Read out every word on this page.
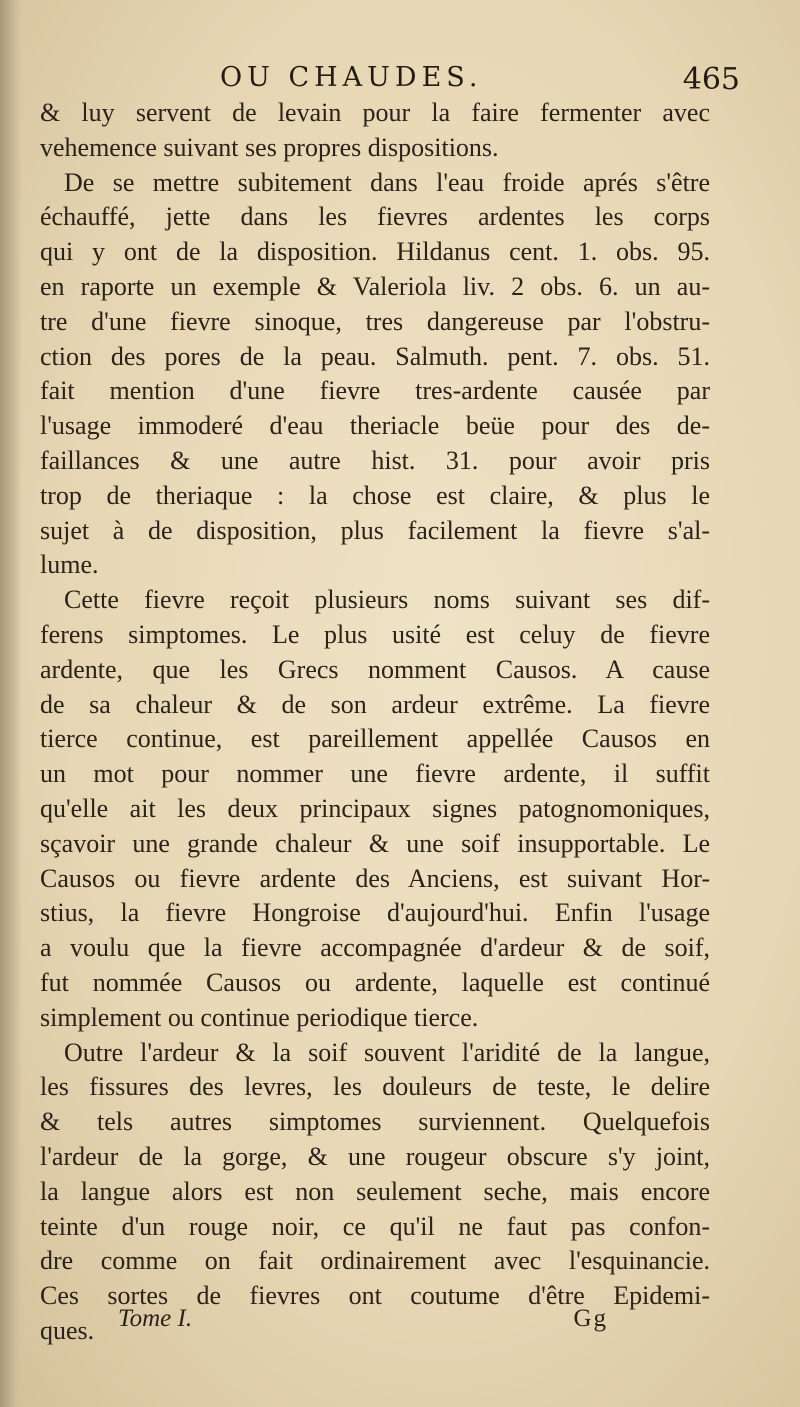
OU CHAUDES.	465
& luy servent de levain pour la faire fermenter avec
vehemence suivant ses propres dispositions.
De se mettre subitement dans l'eau froide aprés s'être
échauffé, jette dans les fievres ardentes les corps
qui y ont de la disposition. Hildanus cent. 1. obs. 95.
en raporte un exemple & Valeriola liv. 2 obs. 6. un au-
tre d'une fievre sinoque, tres dangereuse par l'obstru-
ction des pores de la peau. Salmuth. pent. 7. obs. 51.
fait mention d'une fievre tres-ardente causée par
l'usage immoderé d'eau theriacle beüe pour des de-
faillances & une autre hist. 31. pour avoir pris
trop de theriaque : la chose est claire, & plus le
sujet à de disposition, plus facilement la fievre s'al-
lume.
Cette fievre reçoit plusieurs noms suivant ses dif-
ferens simptomes. Le plus usité est celuy de fievre
ardente, que les Grecs nomment Causos. A cause
de sa chaleur & de son ardeur extrême. La fievre
tierce continue, est pareillement appellée Causos en
un mot pour nommer une fievre ardente, il suffit
qu'elle ait les deux principaux signes patognomoniques,
sçavoir une grande chaleur & une soif insupportable. Le
Causos ou fievre ardente des Anciens, est suivant Hor-
stius, la fievre Hongroise d'aujourd'hui. Enfin l'usage
a voulu que la fievre accompagnée d'ardeur & de soif,
fut nommée Causos ou ardente, laquelle est continué
simplement ou continue periodique tierce.
Outre l'ardeur & la soif souvent l'aridité de la langue,
les fissures des levres, les douleurs de teste, le delire
& tels autres simptomes surviennent. Quelquefois
l'ardeur de la gorge, & une rougeur obscure s'y joint,
la langue alors est non seulement seche, mais encore
teinte d'un rouge noir, ce qu'il ne faut pas confon-
dre comme on fait ordinairement avec l'esquinancie.
Ces sortes de fievres ont coutume d'être Epidemi-
ques. Tome I.	Gg
